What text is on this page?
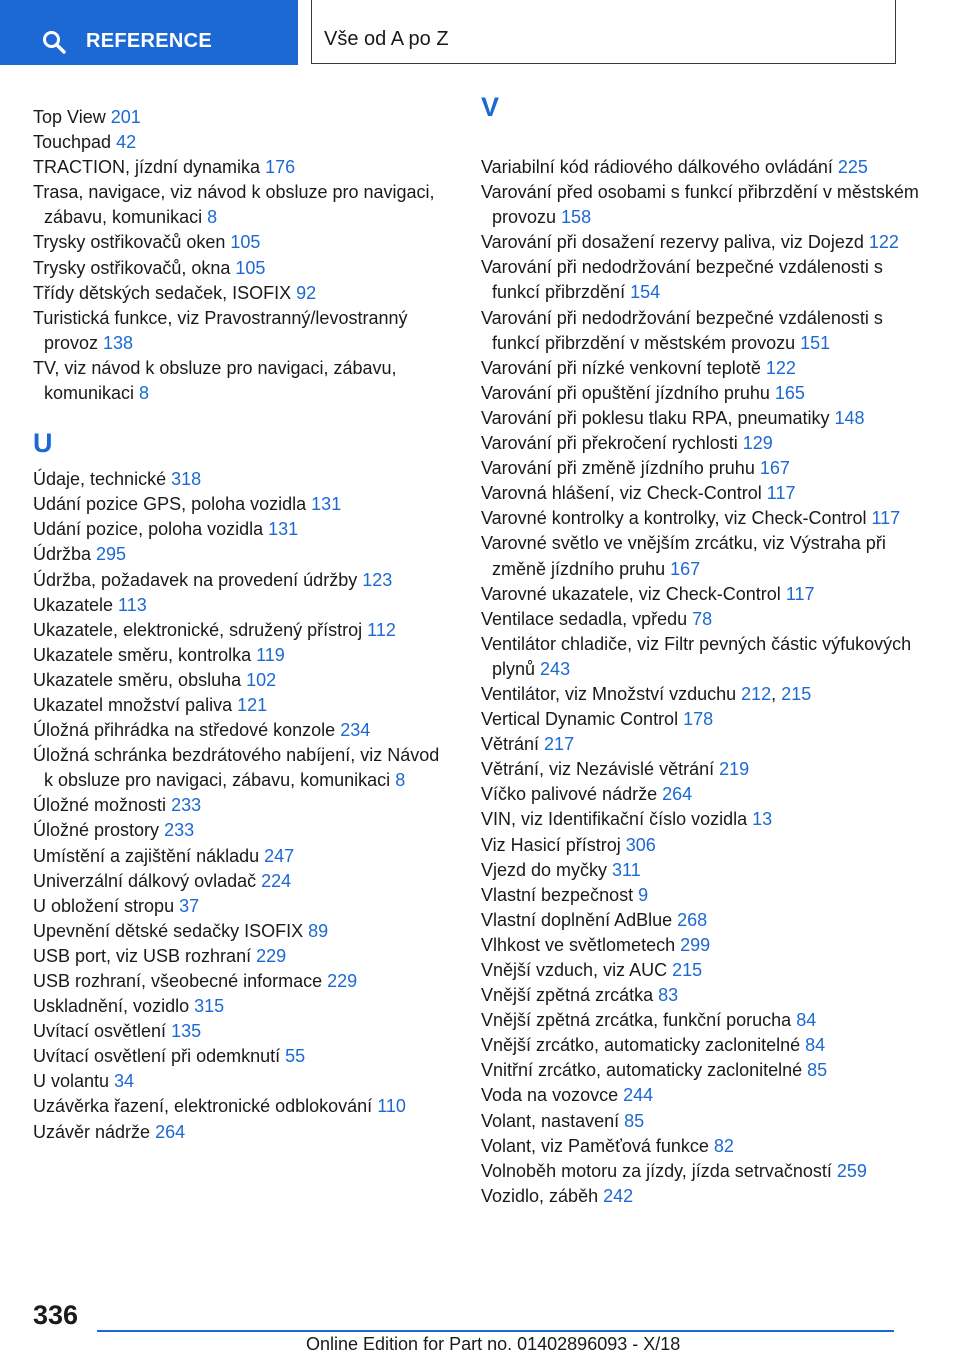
REFERENCE	Vše od A po Z
Top View 201
Touchpad 42
TRACTION, jízdní dynamika 176
Trasa, navigace, viz návod k obsluze pro navigaci, zábavu, komunikaci 8
Trysky ostřikovačů oken 105
Trysky ostřikovačů, okna 105
Třídy dětských sedaček, ISOFIX 92
Turistická funkce, viz Pravostranný/levostranný provoz 138
TV, viz návod k obsluze pro navigaci, zábavu, komunikaci 8
U
Údaje, technické 318
Udání pozice GPS, poloha vozidla 131
Udání pozice, poloha vozidla 131
Údržba 295
Údržba, požadavek na provedení údržby 123
Ukazatele 113
Ukazatele, elektronické, sdružený přístroj 112
Ukazatele směru, kontrolka 119
Ukazatele směru, obsluha 102
Ukazatel množství paliva 121
Úložná přihrádka na středové konzole 234
Úložná schránka bezdrátového nabíjení, viz Návod k obsluze pro navigaci, zábavu, komunikaci 8
Úložné možnosti 233
Úložné prostory 233
Umístění a zajištění nákladu 247
Univerzální dálkový ovladač 224
U obložení stropu 37
Upevnění dětské sedačky ISOFIX 89
USB port, viz USB rozhraní 229
USB rozhraní, všeobecné informace 229
Uskladnění, vozidlo 315
Uvítací osvětlení 135
Uvítací osvětlení při odemknutí 55
U volantu 34
Uzávěrka řazení, elektronické odblokování 110
Uzávěr nádrže 264
V
Variabilní kód rádiového dálkového ovládání 225
Varování před osobami s funkcí přibrzdění v městském provozu 158
Varování při dosažení rezervy paliva, viz Dojezd 122
Varování při nedodržování bezpečné vzdálenosti s funkcí přibrzdění 154
Varování při nedodržování bezpečné vzdálenosti s funkcí přibrzdění v městském provozu 151
Varování při nízké venkovní teplotě 122
Varování při opuštění jízdního pruhu 165
Varování při poklesu tlaku RPA, pneumatiky 148
Varování při překročení rychlosti 129
Varování při změně jízdního pruhu 167
Varovná hlášení, viz Check-Control 117
Varovné kontrolky a kontrolky, viz Check-Control 117
Varovné světlo ve vnějším zrcátku, viz Výstraha při změně jízdního pruhu 167
Varovné ukazatele, viz Check-Control 117
Ventilace sedadla, vpředu 78
Ventilátor chladiče, viz Filtr pevných částic výfukových plynů 243
Ventilátor, viz Množství vzduchu 212, 215
Vertical Dynamic Control 178
Větrání 217
Větrání, viz Nezávislé větrání 219
Víčko palivové nádrže 264
VIN, viz Identifikační číslo vozidla 13
Viz Hasicí přístroj 306
Vjezd do myčky 311
Vlastní bezpečnost 9
Vlastní doplnění AdBlue 268
Vlhkost ve světlometech 299
Vnější vzduch, viz AUC 215
Vnější zpětná zrcátka 83
Vnější zpětná zrcátka, funkční porucha 84
Vnější zrcátko, automaticky zaclonitelné 84
Vnitřní zrcátko, automaticky zaclonitelné 85
Voda na vozovce 244
Volant, nastavení 85
Volant, viz Paměťová funkce 82
Volnoběh motoru za jízdy, jízda setrvačností 259
Vozidlo, záběh 242
336
Online Edition for Part no. 01402896093 - X/18
